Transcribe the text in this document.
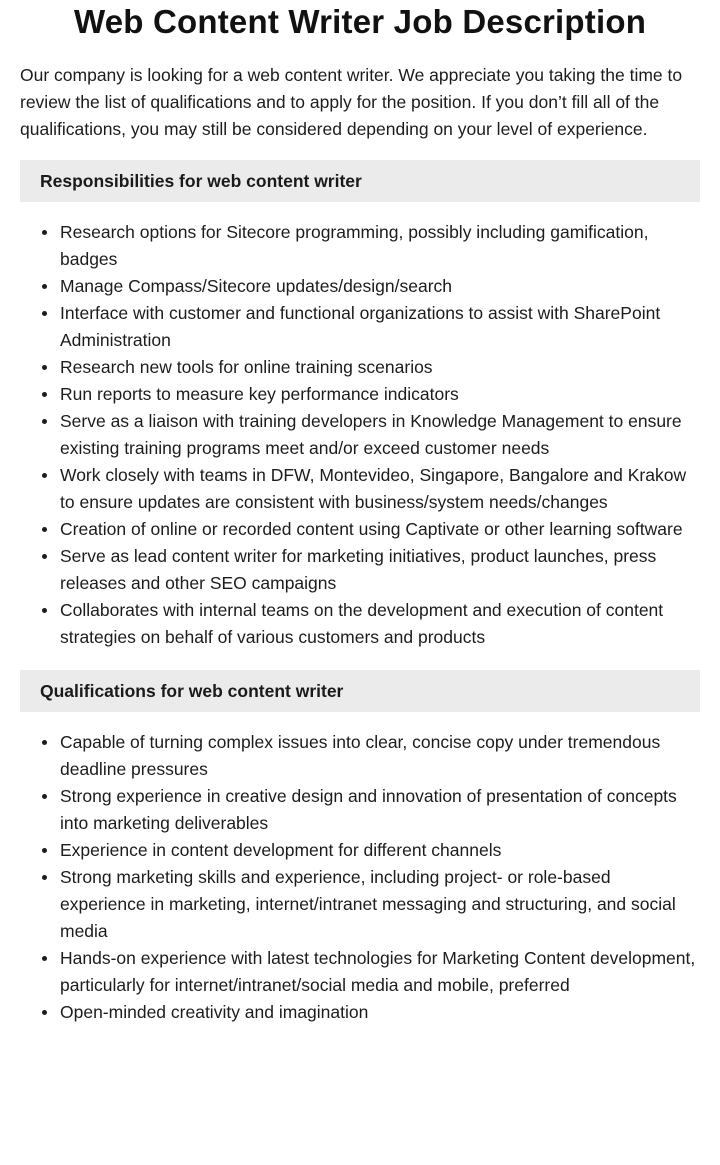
Web Content Writer Job Description

Our company is looking for a web content writer. We appreciate you taking the time to review the list of qualifications and to apply for the position. If you don’t fill all of the qualifications, you may still be considered depending on your level of experience.

Responsibilities for web content writer
Research options for Sitecore programming, possibly including gamification, badges
Manage Compass/Sitecore updates/design/search
Interface with customer and functional organizations to assist with SharePoint Administration
Research new tools for online training scenarios
Run reports to measure key performance indicators
Serve as a liaison with training developers in Knowledge Management to ensure existing training programs meet and/or exceed customer needs
Work closely with teams in DFW, Montevideo, Singapore, Bangalore and Krakow to ensure updates are consistent with business/system needs/changes
Creation of online or recorded content using Captivate or other learning software
Serve as lead content writer for marketing initiatives, product launches, press releases and other SEO campaigns
Collaborates with internal teams on the development and execution of content strategies on behalf of various customers and products
Qualifications for web content writer
Capable of turning complex issues into clear, concise copy under tremendous deadline pressures
Strong experience in creative design and innovation of presentation of concepts into marketing deliverables
Experience in content development for different channels
Strong marketing skills and experience, including project- or role-based experience in marketing, internet/intranet messaging and structuring, and social media
Hands-on experience with latest technologies for Marketing Content development, particularly for internet/intranet/social media and mobile, preferred
Open-minded creativity and imagination
